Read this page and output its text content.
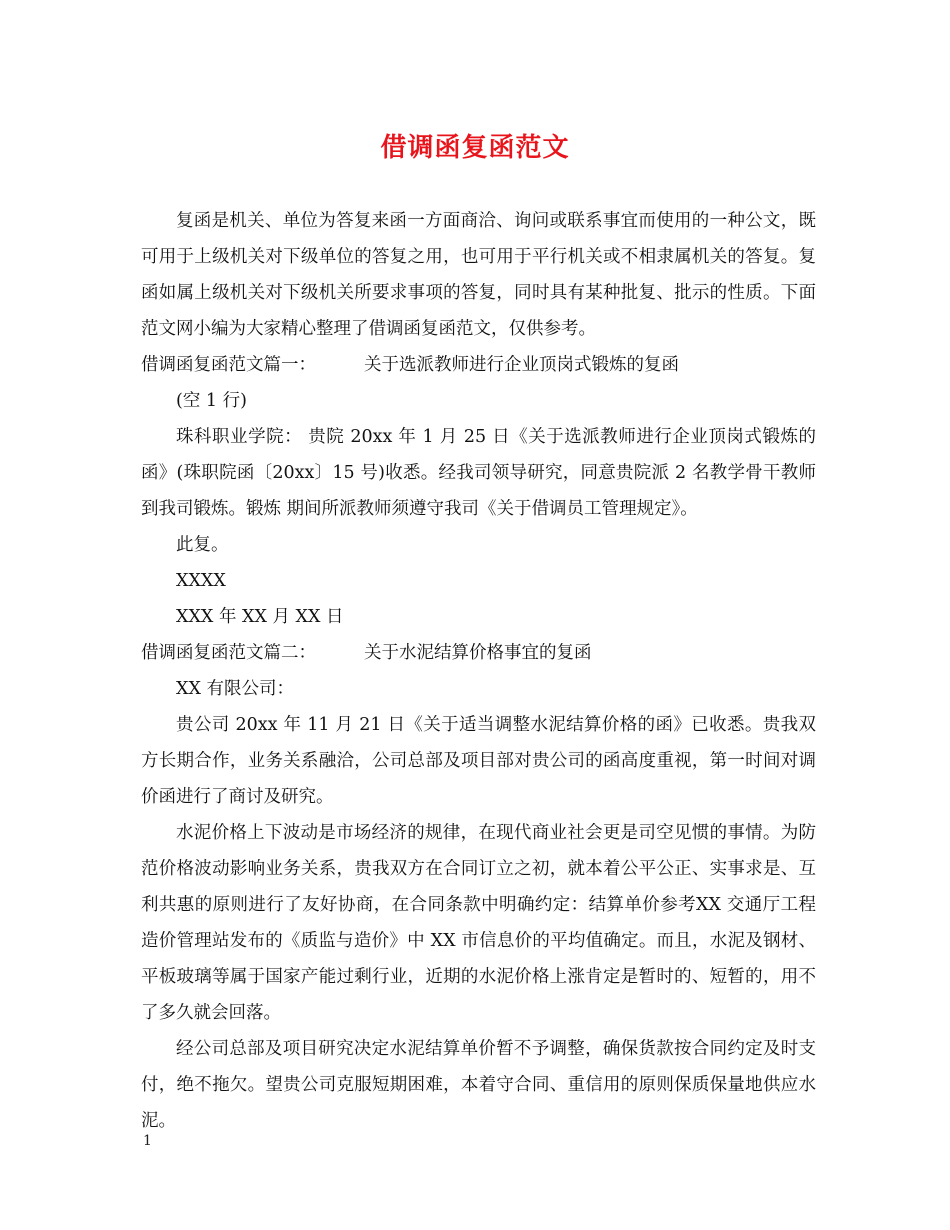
借调函复函范文

复函是机关、单位为答复来函一方面商洽、询问或联系事宜而使用的一种公文，既可用于上级机关对下级单位的答复之用，也可用于平行机关或不相隶属机关的答复。复函如属上级机关对下级机关所要求事项的答复，同时具有某种批复、批示的性质。下面范文网小编为大家精心整理了借调函复函范文，仅供参考。

借调函复函范文篇一：	关于选派教师进行企业顶岗式锻炼的复函

(空 1 行)

珠科职业学院： 贵院 20xx 年 1 月 25 日《关于选派教师进行企业顶岗式锻炼的函》(珠职院函〔20xx〕15 号)收悉。经我司领导研究，同意贵院派 2 名教学骨干教师到我司锻炼。锻炼 期间所派教师须遵守我司《关于借调员工管理规定》。

此复。

XXXX

XXX 年 XX 月 XX 日

借调函复函范文篇二：	关于水泥结算价格事宜的复函

XX 有限公司：

贵公司 20xx 年 11 月 21 日《关于适当调整水泥结算价格的函》已收悉。贵我双方长期合作，业务关系融洽，公司总部及项目部对贵公司的函高度重视，第一时间对调价函进行了商讨及研究。

水泥价格上下波动是市场经济的规律，在现代商业社会更是司空见惯的事情。为防范价格波动影响业务关系，贵我双方在合同订立之初，就本着公平公正、实事求是、互利共惠的原则进行了友好协商，在合同条款中明确约定：结算单价参考XX 交通厅工程造价管理站发布的《质监与造价》中 XX 市信息价的平均值确定。而且，水泥及钢材、平板玻璃等属于国家产能过剩行业，近期的水泥价格上涨肯定是暂时的、短暂的，用不了多久就会回落。

经公司总部及项目研究决定水泥结算单价暂不予调整，确保货款按合同约定及时支付，绝不拖欠。望贵公司克服短期困难，本着守合同、重信用的原则保质保量地供应水泥。

1
